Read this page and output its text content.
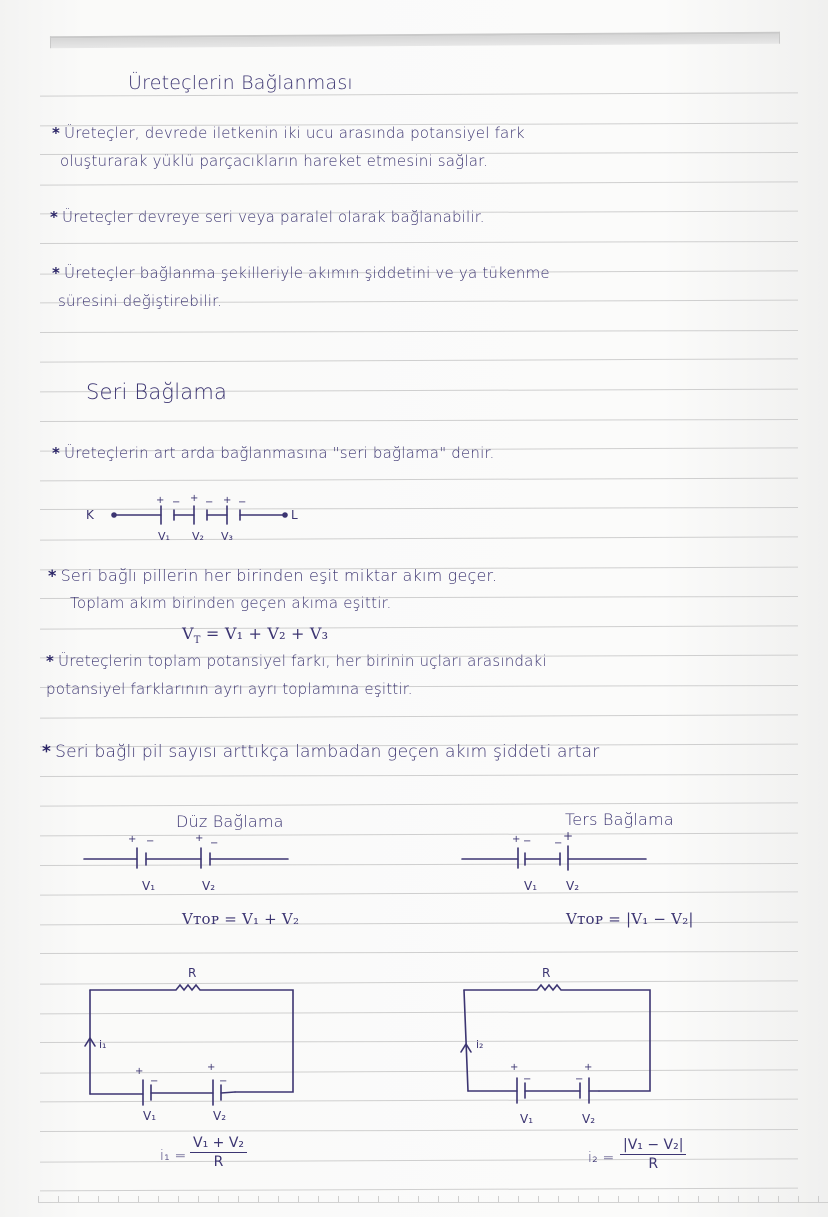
Üreteçlerin Bağlanması
* Üreteçler, devrede iletkenin iki ucu arasında potansiyel fark
oluşturarak yüklü parçacıkların hareket etmesini sağlar.
* Üreteçler devreye seri veya paralel olarak bağlanabilir.
* Üreteçler bağlanma şekilleriyle akımın şiddetini ve ya tükenme
süresini değiştirebilir.
Seri Bağlama
* Üreteçlerin art arda bağlanmasına "seri bağlama" denir.
K	L
+ − + − + −
V₁ V₂ V₃
* Seri bağlı pillerin her birinden eşit miktar akım geçer.
Toplam akım birinden geçen akıma eşittir.
$V_T = V_1 + V_2 + V_3$
* Üreteçlerin toplam potansiyel farkı, her birinin uçları arasındaki
potansiyel farklarının ayrı ayrı toplamına eşittir.
* Seri bağlı pil sayısı arttıkça lambadan geçen akım şiddeti artar
Düz Bağlama
+ −	+ −
V₁	V₂
Vᴛᴏᴘ = V₁ + V₂
Ters Bağlama
+ − −
+
V₁ V₂
Vᴛᴏᴘ = |V₁ − V₂|
R
i₁
+
−
+
−
V₁	V₂
$i_1 = \frac{\text{V₁ + V₂}}{R}$
R
i₂
+
−	−
+
V₁	V₂
$i_2 = \frac{\text{|V₁ − V₂|}}{R}$
